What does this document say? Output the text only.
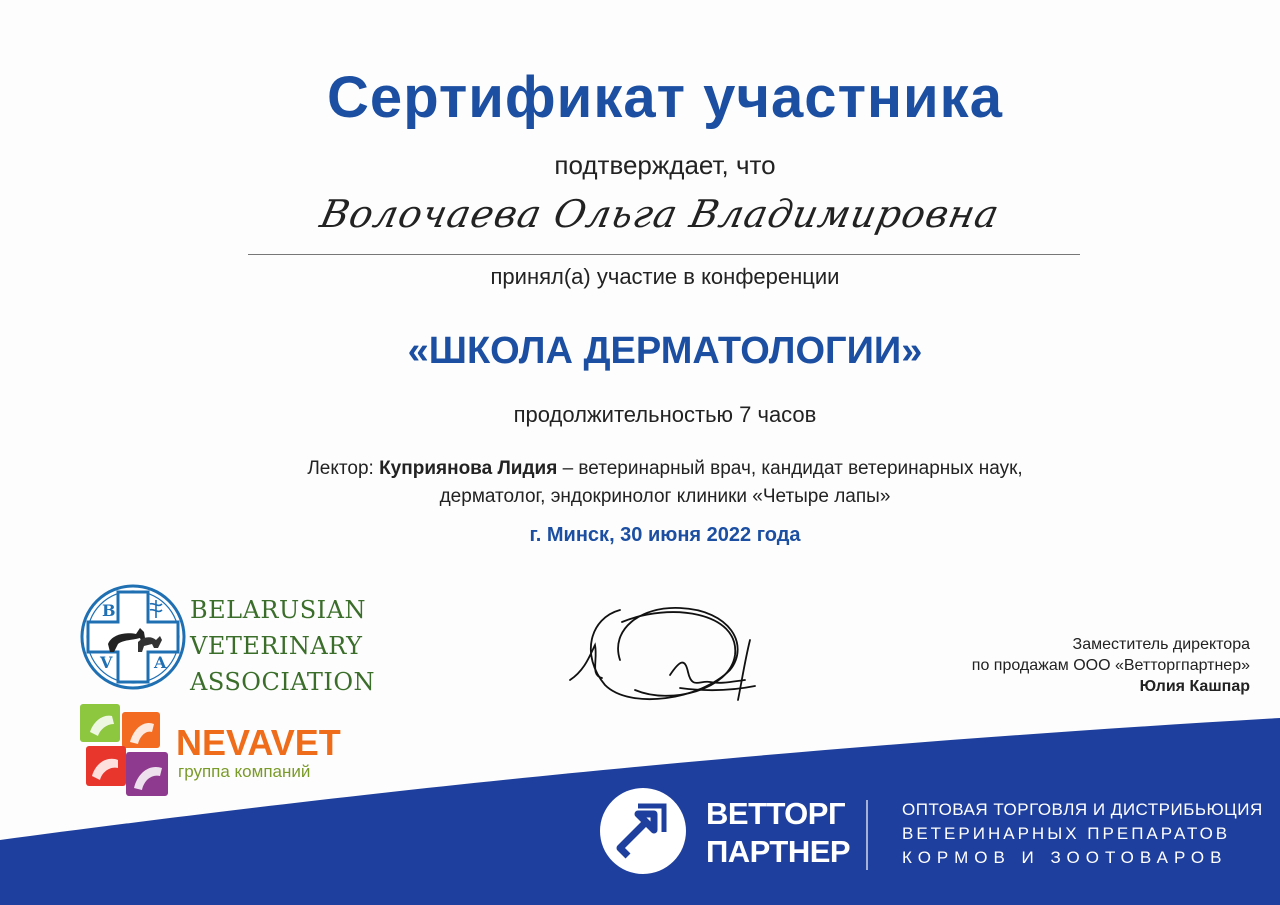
Сертификат участника
подтверждает, что
Волочаева Ольга Владимировна
принял(а) участие в конференции
«ШКОЛА ДЕРМАТОЛОГИИ»
продолжительностью 7 часов
Лектор: Куприянова Лидия – ветеринарный врач, кандидат ветеринарных наук,
дерматолог, эндокринолог клиники «Четыре лапы»
г. Минск, 30 июня 2022 года
Заместитель директора
по продажам ООО «Ветторгпартнер»
Юлия Кашпар
B
V	A
BELARUSIAN
VETERINARY
ASSOCIATION
NEVAVET
группа компаний
ВЕТТОРГ
ПАРТНЕР
ОПТОВАЯ ТОРГОВЛЯ И ДИСТРИБЬЮЦИЯ
ВЕТЕРИНАРНЫХ ПРЕПАРАТОВ
КОРМОВ И ЗООТОВАРОВ
